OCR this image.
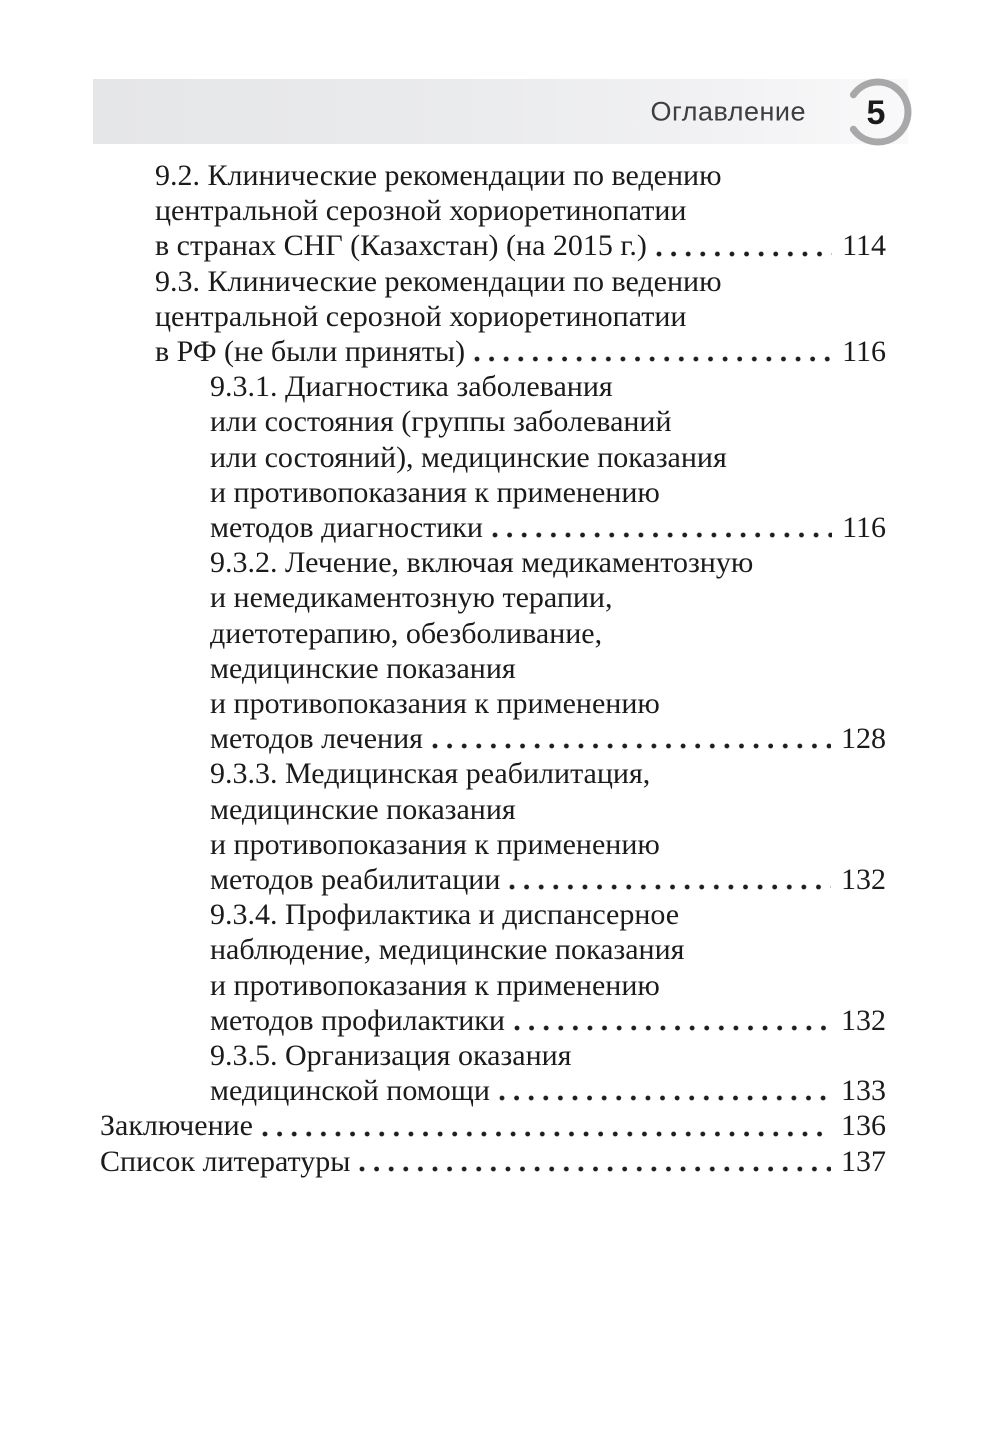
Оглавление 5
9.2. Клинические рекомендации по ведению
центральной серозной хориоретинопатии
в странах СНГ (Казахстан) (на 2015 г.)	114
9.3. Клинические рекомендации по ведению
центральной серозной хориоретинопатии
в РФ (не были приняты)	116
9.3.1. Диагностика заболевания
или состояния (группы заболеваний
или состояний), медицинские показания
и противопоказания к применению
методов диагностики	116
9.3.2. Лечение, включая медикаментозную
и немедикаментозную терапии,
диетотерапию, обезболивание,
медицинские показания
и противопоказания к применению
методов лечения	128
9.3.3. Медицинская реабилитация,
медицинские показания
и противопоказания к применению
методов реабилитации	132
9.3.4. Профилактика и диспансерное
наблюдение, медицинские показания
и противопоказания к применению
методов профилактики	132
9.3.5. Организация оказания
медицинской помощи	133
Заключение	136
Список литературы	137
